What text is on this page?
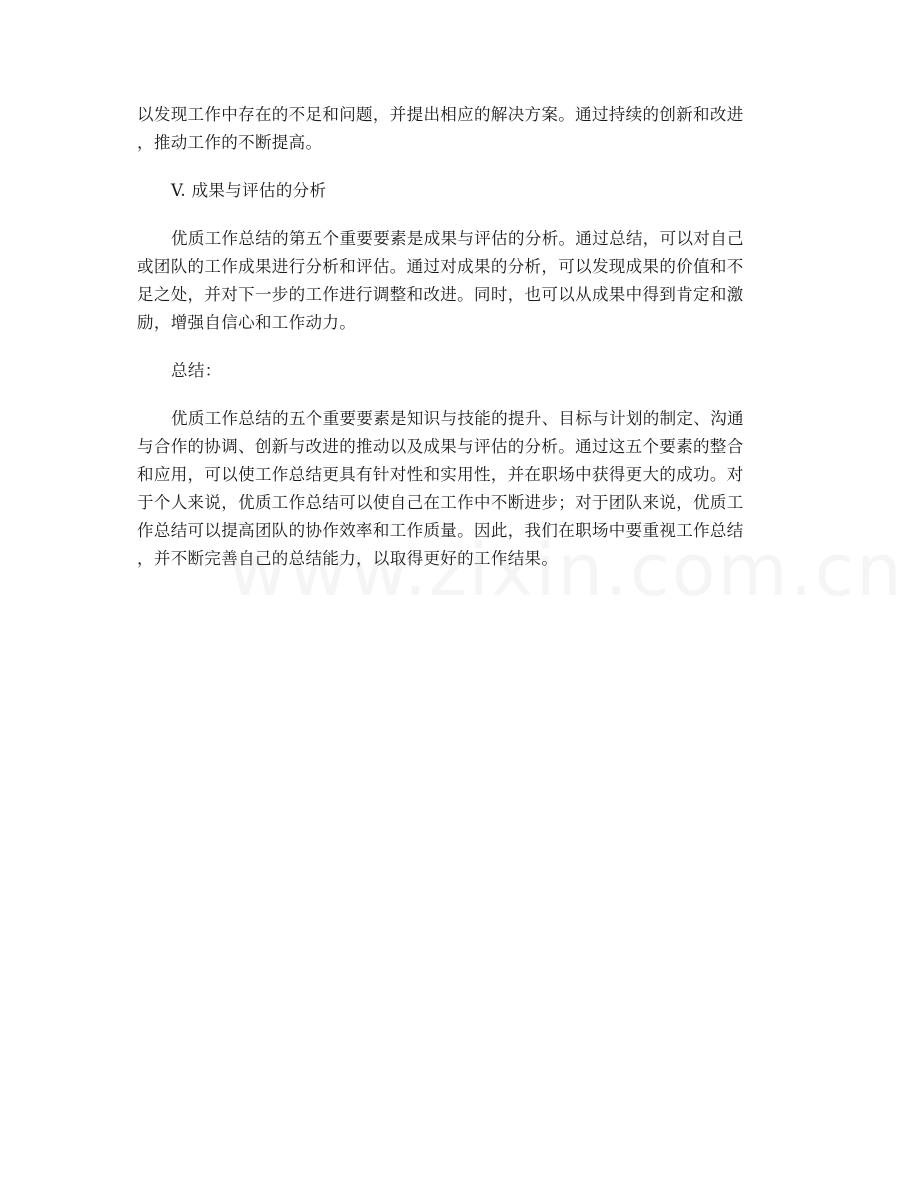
以发现工作中存在的不足和问题，并提出相应的解决方案。通过持续的创新和改进
，推动工作的不断提高。
V. 成果与评估的分析
优质工作总结的第五个重要要素是成果与评估的分析。通过总结，可以对自己
或团队的工作成果进行分析和评估。通过对成果的分析，可以发现成果的价值和不
足之处，并对下一步的工作进行调整和改进。同时，也可以从成果中得到肯定和激
励，增强自信心和工作动力。
总结：
优质工作总结的五个重要要素是知识与技能的提升、目标与计划的制定、沟通
与合作的协调、创新与改进的推动以及成果与评估的分析。通过这五个要素的整合
和应用，可以使工作总结更具有针对性和实用性，并在职场中获得更大的成功。对
于个人来说，优质工作总结可以使自己在工作中不断进步；对于团队来说，优质工
作总结可以提高团队的协作效率和工作质量。因此，我们在职场中要重视工作总结
，并不断完善自己的总结能力，以取得更好的工作结果。
